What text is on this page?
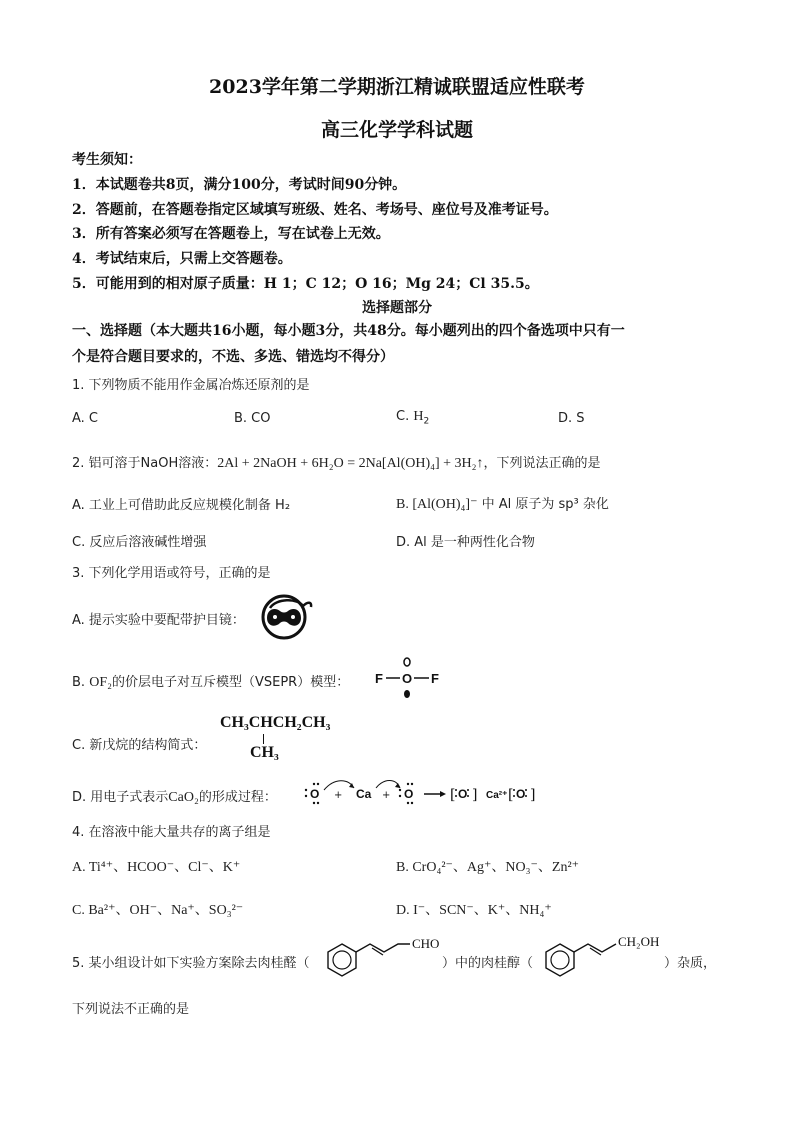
2023学年第二学期浙江精诚联盟适应性联考
高三化学学科试题
考生须知：
1．本试题卷共8页，满分100分，考试时间90分钟。
2．答题前，在答题卷指定区域填写班级、姓名、考场号、座位号及准考证号。
3．所有答案必须写在答题卷上，写在试卷上无效。
4．考试结束后，只需上交答题卷。
5．可能用到的相对原子质量：H 1；C 12；O 16；Mg 24；Cl 35.5。
选择题部分
一、选择题（本大题共16小题，每小题3分，共48分。每小题列出的四个备选项中只有一
个是符合题目要求的，不选、多选、错选均不得分）
1. 下列物质不能用作金属冶炼还原剂的是
A. C	B. CO	C. $H_2$	D. S
2. 铝可溶于NaOH溶液：2Al + 2NaOH + 6H₂O = 2Na[Al(OH)₄] + 3H₂↑，下列说法正确的是
A. 工业上可借助此反应规模化制备 H₂	B. [Al(OH)₄]⁻ 中 Al 原子为 sp³ 杂化
C. 反应后溶液碱性增强	D. Al 是一种两性化合物
3. 下列化学用语或符号，正确的是
A. 提示实验中要配带护目镜：
B. OF₂的价层电子对互斥模型（VSEPR）模型： F O F
C. 新戊烷的结构简式：
CH₃CHCH₂CH₃
CH₃
D. 用电子式表示CaO₂的形成过程：	O	Ca	O	Ca²⁺
+	+	[ O ] [ O ]
4. 在溶液中能大量共存的离子组是
A. Ti⁴⁺、HCOO⁻、Cl⁻、K⁺	B. CrO₄²⁻、Ag⁺、NO₃⁻、Zn²⁺
C. Ba²⁺、OH⁻、Na⁺、SO₃²⁻	D. I⁻、SCN⁻、K⁺、NH₄⁺
5. 某小组设计如下实验方案除去肉桂醛（
CHO
）中的肉桂醇（
CH₂OH
）杂质，
下列说法不正确的是
